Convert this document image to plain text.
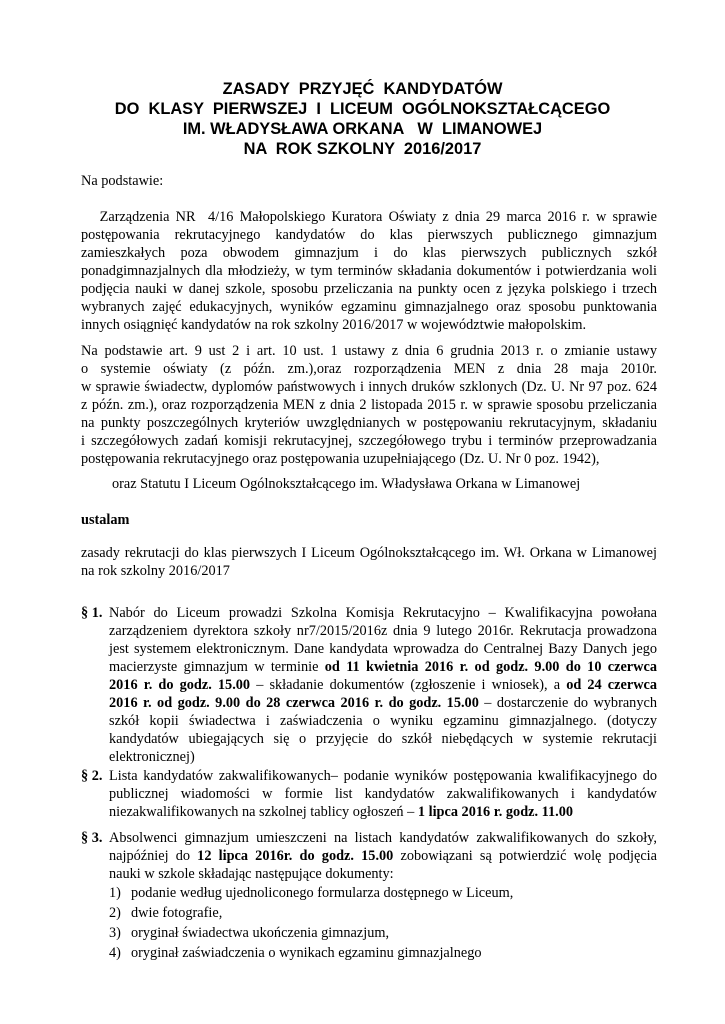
ZASADY  PRZYJĘĆ  KANDYDATÓW
DO  KLASY  PIERWSZEJ  I  LICEUM  OGÓLNOKSZTAŁCĄCEGO
IM. WŁADYSŁAWA ORKANA   W  LIMANOWEJ
NA  ROK SZKOLNY  2016/2017
Na podstawie:
Zarządzenia NR  4/16 Małopolskiego Kuratora Oświaty z dnia 29 marca 2016 r. w sprawie
postępowania rekrutacyjnego kandydatów do klas pierwszych publicznego gimnazjum
zamieszkałych poza obwodem gimnazjum i do klas pierwszych publicznych szkół
ponadgimnazjalnych dla młodzieży, w tym terminów składania dokumentów i potwierdzania woli
podjęcia nauki w danej szkole, sposobu przeliczania na punkty ocen z języka polskiego i trzech
wybranych zajęć edukacyjnych, wyników egzaminu gimnazjalnego oraz sposobu punktowania
innych osiągnięć kandydatów na rok szkolny 2016/2017 w województwie małopolskim.
Na podstawie art. 9 ust 2 i art. 10 ust. 1 ustawy z dnia 6 grudnia 2013 r. o zmianie ustawy
o systemie oświaty (z późn. zm.),oraz rozporządzenia MEN z dnia 28 maja 2010r.
w sprawie świadectw, dyplomów państwowych i innych druków szklonych (Dz. U. Nr 97 poz. 624
z późn. zm.), oraz rozporządzenia MEN z dnia 2 listopada 2015 r. w sprawie sposobu przeliczania
na punkty poszczególnych kryteriów uwzględnianych w postępowaniu rekrutacyjnym, składaniu
i szczegółowych zadań komisji rekrutacyjnej, szczegółowego trybu i terminów przeprowadzania
postępowania rekrutacyjnego oraz postępowania uzupełniającego (Dz. U. Nr 0 poz. 1942),
oraz Statutu I Liceum Ogólnokształcącego im. Władysława Orkana w Limanowej
ustalam
zasady rekrutacji do klas pierwszych I Liceum Ogólnokształcącego im. Wł. Orkana w Limanowej
na rok szkolny 2016/2017
§ 1. Nabór do Liceum prowadzi Szkolna Komisja Rekrutacyjno – Kwalifikacyjna powołana
zarządzeniem dyrektora szkoły nr7/2015/2016z dnia 9 lutego 2016r. Rekrutacja prowadzona
jest systemem elektronicznym. Dane kandydata wprowadza do Centralnej Bazy Danych jego
macierzyste gimnazjum w terminie od 11 kwietnia 2016 r. od godz. 9.00 do 10 czerwca
2016 r. do godz. 15.00 – składanie dokumentów (zgłoszenie i wniosek), a od 24 czerwca
2016 r. od godz. 9.00 do 28 czerwca 2016 r. do godz. 15.00 – dostarczenie do wybranych
szkół kopii świadectwa i zaświadczenia o wyniku egzaminu gimnazjalnego. (dotyczy
kandydatów ubiegających się o przyjęcie do szkół niebędących w systemie rekrutacji
elektronicznej)
§ 2. Lista kandydatów zakwalifikowanych– podanie wyników postępowania kwalifikacyjnego do
publicznej wiadomości w formie list kandydatów zakwalifikowanych i kandydatów
niezakwalifikowanych na szkolnej tablicy ogłoszeń – 1 lipca 2016 r. godz. 11.00
§ 3. Absolwenci gimnazjum umieszczeni na listach kandydatów zakwalifikowanych do szkoły,
najpóźniej do 12 lipca 2016r. do godz. 15.00 zobowiązani są potwierdzić wolę podjęcia
nauki w szkole składając następujące dokumenty:
1) podanie według ujednoliconego formularza dostępnego w Liceum,
2) dwie fotografie,
3) oryginał świadectwa ukończenia gimnazjum,
4) oryginał zaświadczenia o wynikach egzaminu gimnazjalnego
